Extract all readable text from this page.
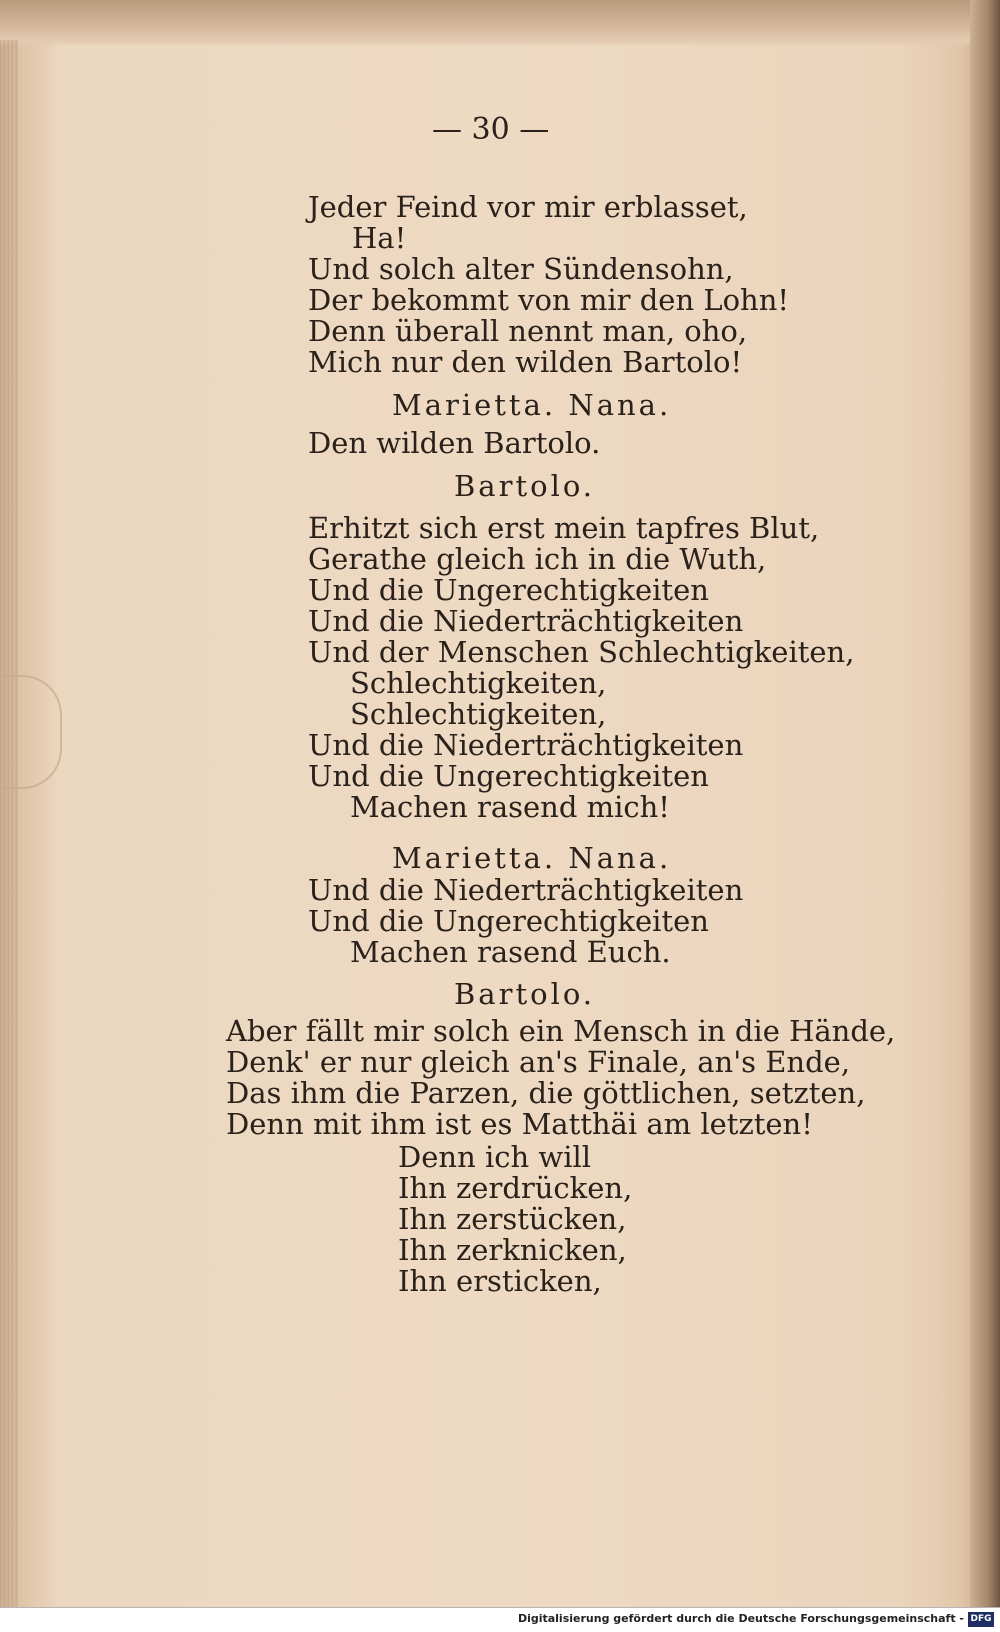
— 30 —
Jeder Feind vor mir erblasset,
Ha!
Und solch alter Sündensohn,
Der bekommt von mir den Lohn!
Denn überall nennt man, oho,
Mich nur den wilden Bartolo!
Marietta. Nana.
Den wilden Bartolo.
Bartolo.
Erhitzt sich erst mein tapfres Blut,
Gerathe gleich ich in die Wuth,
Und die Ungerechtigkeiten
Und die Niederträchtigkeiten
Und der Menschen Schlechtigkeiten,
Schlechtigkeiten,
Schlechtigkeiten,
Und die Niederträchtigkeiten
Und die Ungerechtigkeiten
Machen rasend mich!
Marietta. Nana.
Und die Niederträchtigkeiten
Und die Ungerechtigkeiten
Machen rasend Euch.
Bartolo.
Aber fällt mir solch ein Mensch in die Hände,
Denk' er nur gleich an's Finale, an's Ende,
Das ihm die Parzen, die göttlichen, setzten,
Denn mit ihm ist es Matthäi am letzten!
Denn ich will
Ihn zerdrücken,
Ihn zerstücken,
Ihn zerknicken,
Ihn ersticken,
Digitalisierung gefördert durch die Deutsche Forschungsgemeinschaft - DFG
